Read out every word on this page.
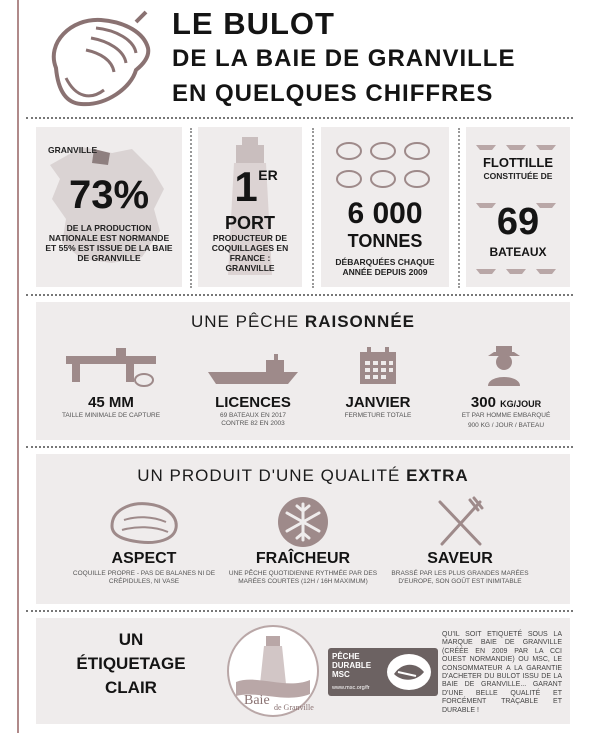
LE BULOT
DE LA BAIE DE GRANVILLE
EN QUELQUES CHIFFRES
GRANVILLE
73%
DE LA PRODUCTION NATIONALE EST NORMANDE ET 55% EST ISSUE DE LA BAIE DE GRANVILLE
1 ER
PORT
PRODUCTEUR DE COQUILLAGES EN FRANCE : GRANVILLE
6 000
TONNES
DÉBARQUÉES CHAQUE ANNÉE DEPUIS 2009
FLOTTILLE
CONSTITUÉE DE
69
BATEAUX
UNE PÊCHE RAISONNÉE
45 MM
TAILLE MINIMALE DE CAPTURE
LICENCES
69 BATEAUX EN 2017 CONTRE 82 EN 2003
JANVIER
FERMETURE TOTALE
300 KG/JOUR
ET PAR HOMME EMBARQUÉ
900 KG / JOUR / BATEAU
UN PRODUIT D'UNE QUALITÉ EXTRA
ASPECT
COQUILLE PROPRE - PAS DE BALANES NI DE CRÉPIDULES, NI VASE
FRAÎCHEUR
UNE PÊCHE QUOTIDIENNE RYTHMÉE PAR DES MARÉES COURTES (12H / 16H MAXIMUM)
SAVEUR
BRASSÉ PAR LES PLUS GRANDES MARÉES D'EUROPE, SON GOÛT EST INIMITABLE
UN
ÉTIQUETAGE
CLAIR
Baie de Granville
PÊCHE
DURABLE
MSC
www.msc.org/fr
QU'IL SOIT ETIQUETÉ SOUS LA MARQUE BAIE DE GRANVILLE (CRÉÉE EN 2009 PAR LA CCI OUEST NORMANDIE) OU MSC, LE CONSOMMATEUR A LA GARANTIE D'ACHETER DU BULOT ISSU DE LA BAIE DE GRANVILLE... GARANT D'UNE BELLE QUALITÉ ET FORCÉMENT TRAÇABLE ET DURABLE !
